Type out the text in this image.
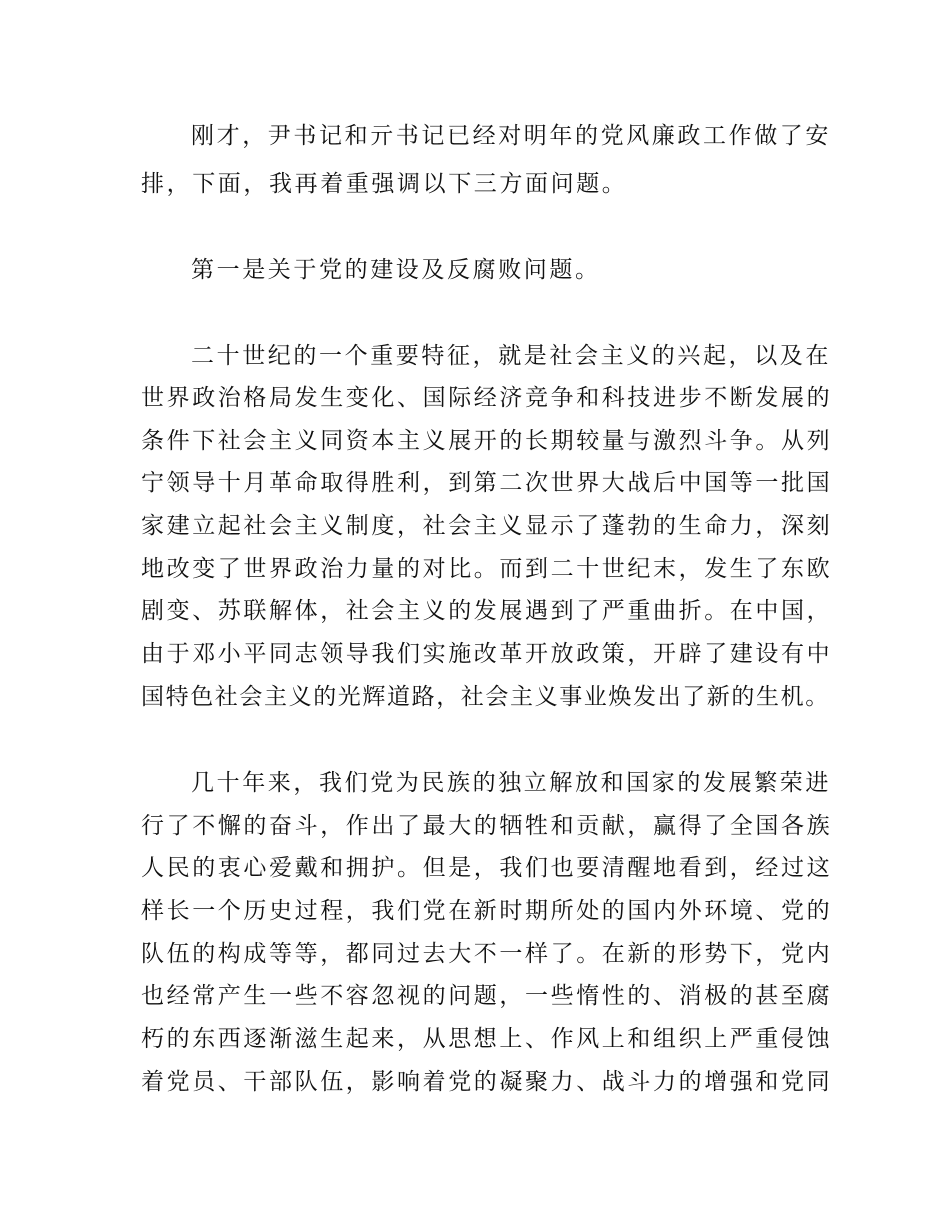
刚才，尹书记和亓书记已经对明年的党风廉政工作做了安
排，下面，我再着重强调以下三方面问题。
第一是关于党的建设及反腐败问题。
二十世纪的一个重要特征，就是社会主义的兴起，以及在
世界政治格局发生变化、国际经济竞争和科技进步不断发展的
条件下社会主义同资本主义展开的长期较量与激烈斗争。从列
宁领导十月革命取得胜利，到第二次世界大战后中国等一批国
家建立起社会主义制度，社会主义显示了蓬勃的生命力，深刻
地改变了世界政治力量的对比。而到二十世纪末，发生了东欧
剧变、苏联解体，社会主义的发展遇到了严重曲折。在中国，
由于邓小平同志领导我们实施改革开放政策，开辟了建设有中
国特色社会主义的光辉道路，社会主义事业焕发出了新的生机。
几十年来，我们党为民族的独立解放和国家的发展繁荣进
行了不懈的奋斗，作出了最大的牺牲和贡献，赢得了全国各族
人民的衷心爱戴和拥护。但是，我们也要清醒地看到，经过这
样长一个历史过程，我们党在新时期所处的国内外环境、党的
队伍的构成等等，都同过去大不一样了。在新的形势下，党内
也经常产生一些不容忽视的问题，一些惰性的、消极的甚至腐
朽的东西逐渐滋生起来，从思想上、作风上和组织上严重侵蚀
着党员、干部队伍，影响着党的凝聚力、战斗力的增强和党同
